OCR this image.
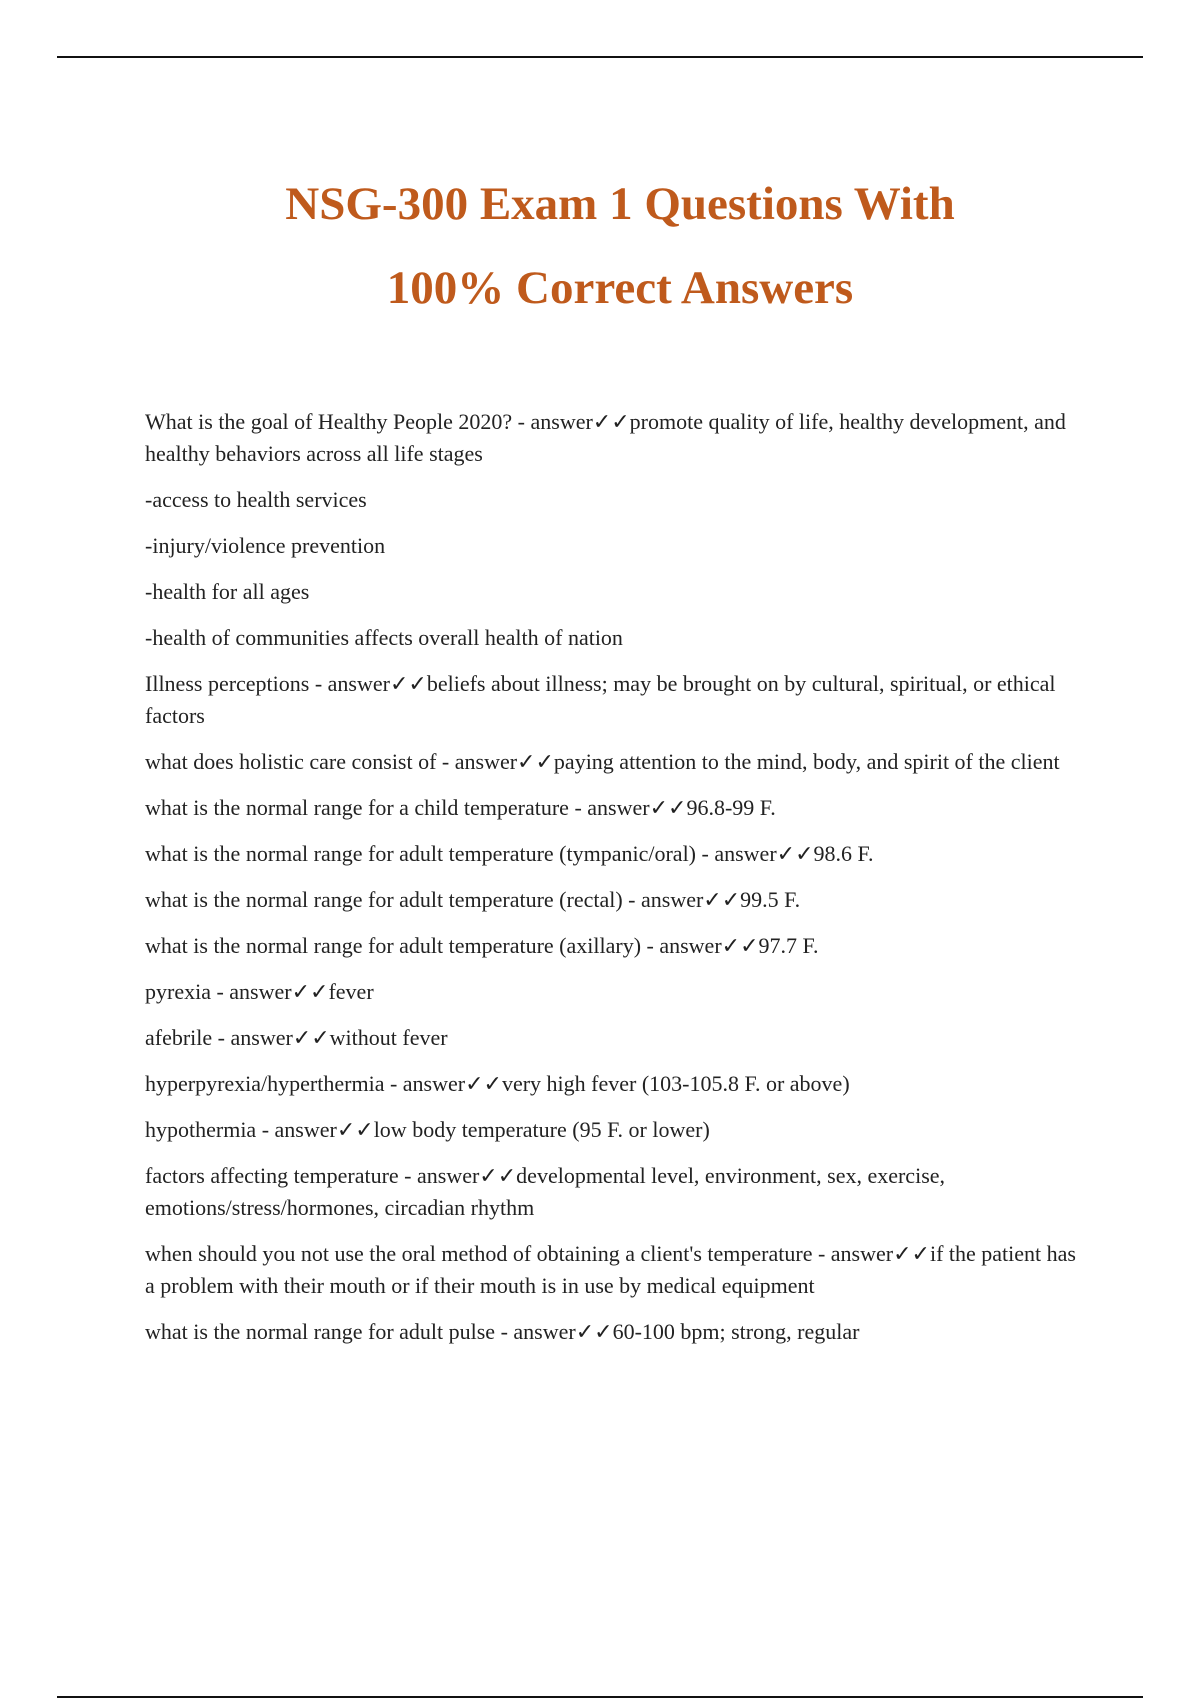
NSG-300 Exam 1 Questions With
100% Correct Answers

What is the goal of Healthy People 2020? - answer✓✓promote quality of life, healthy development, and healthy behaviors across all life stages

-access to health services

-injury/violence prevention

-health for all ages

-health of communities affects overall health of nation

Illness perceptions - answer✓✓beliefs about illness; may be brought on by cultural, spiritual, or ethical factors

what does holistic care consist of - answer✓✓paying attention to the mind, body, and spirit of the client

what is the normal range for a child temperature - answer✓✓96.8-99 F.

what is the normal range for adult temperature (tympanic/oral) - answer✓✓98.6 F.

what is the normal range for adult temperature (rectal) - answer✓✓99.5 F.

what is the normal range for adult temperature (axillary) - answer✓✓97.7 F.

pyrexia - answer✓✓fever

afebrile - answer✓✓without fever

hyperpyrexia/hyperthermia - answer✓✓very high fever (103-105.8 F. or above)

hypothermia - answer✓✓low body temperature (95 F. or lower)

factors affecting temperature - answer✓✓developmental level, environment, sex, exercise, emotions/stress/hormones, circadian rhythm

when should you not use the oral method of obtaining a client's temperature - answer✓✓if the patient has a problem with their mouth or if their mouth is in use by medical equipment

what is the normal range for adult pulse - answer✓✓60-100 bpm; strong, regular
